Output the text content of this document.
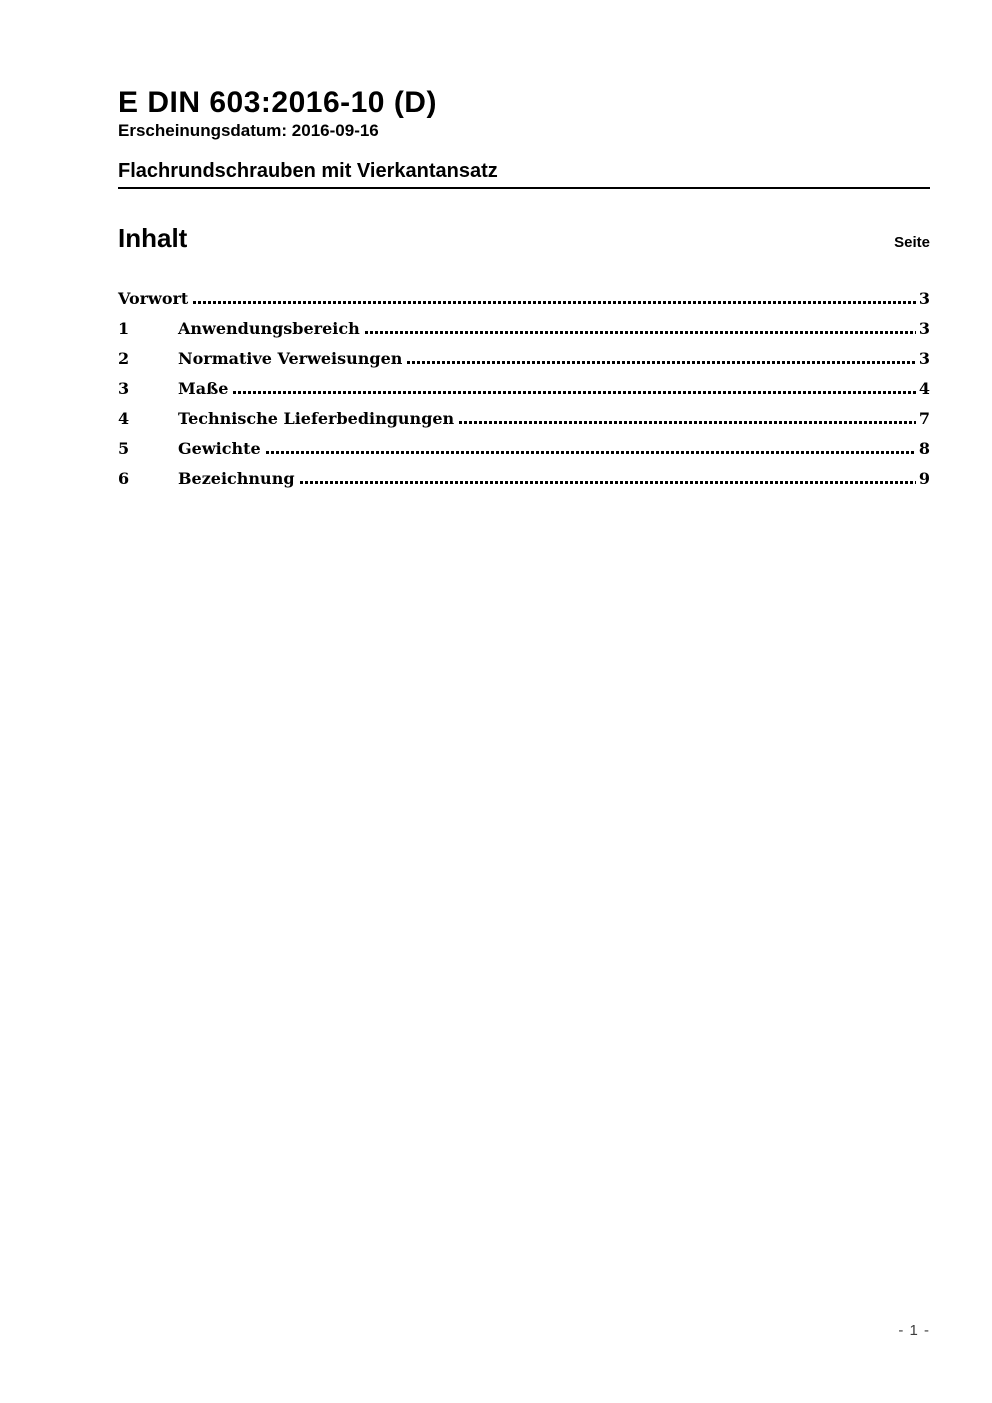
E DIN 603:2016-10 (D)
Erscheinungsdatum: 2016-09-16
Flachrundschrauben mit Vierkantansatz
Inhalt	Seite
Vorwort	3
1	Anwendungsbereich	3
2	Normative Verweisungen	3
3	Maße	4
4	Technische Lieferbedingungen	7
5	Gewichte	8
6	Bezeichnung	9
- 1 -
